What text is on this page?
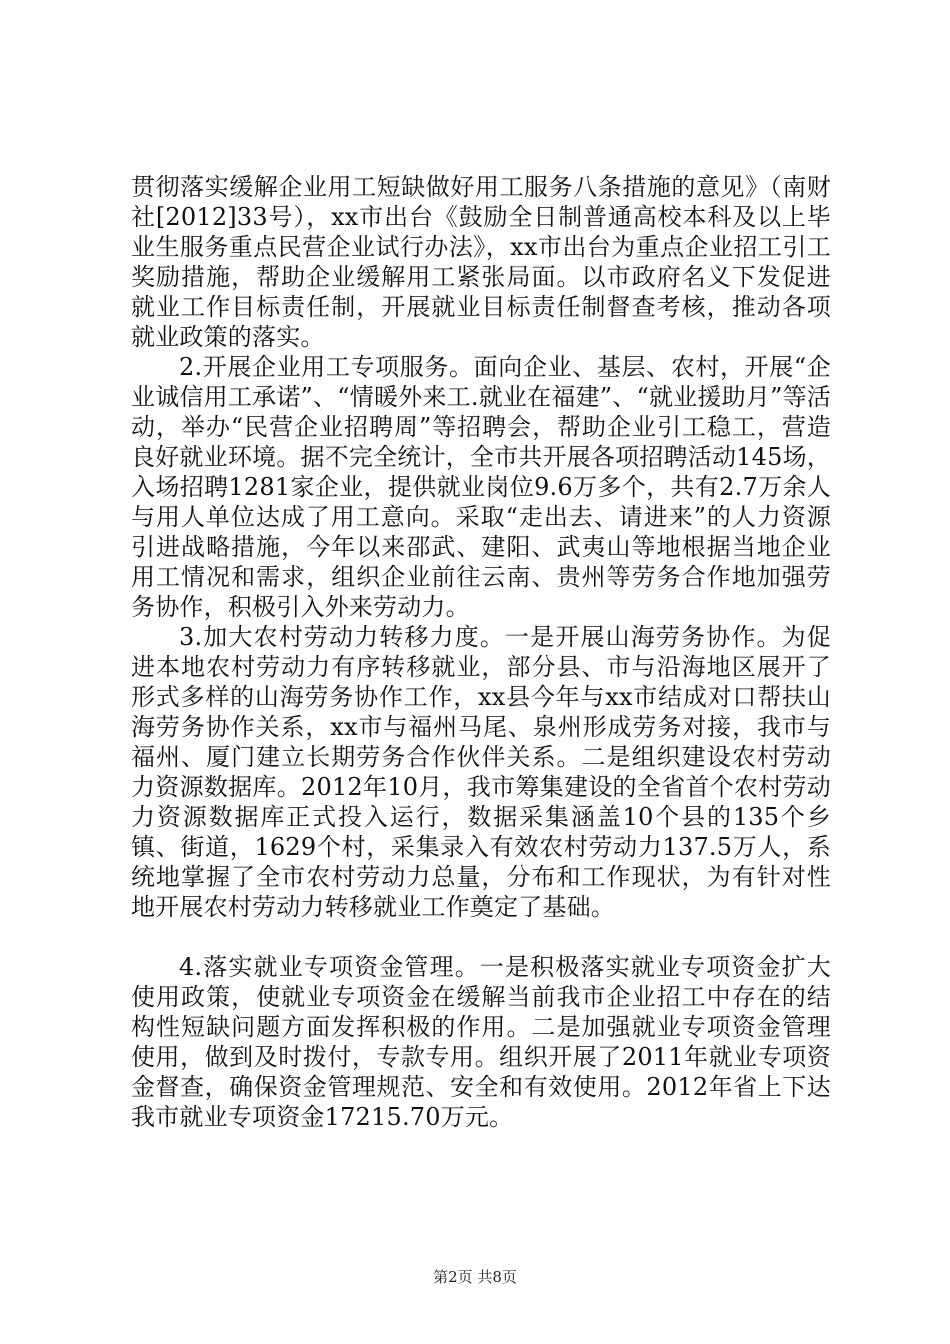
贯彻落实缓解企业用工短缺做好用工服务八条措施的意见》（南财社[2012]33号），xx市出台《鼓励全日制普通高校本科及以上毕业生服务重点民营企业试行办法》，xx市出台为重点企业招工引工奖励措施，帮助企业缓解用工紧张局面。以市政府名义下发促进就业工作目标责任制，开展就业目标责任制督查考核，推动各项就业政策的落实。

2.开展企业用工专项服务。面向企业、基层、农村，开展“企业诚信用工承诺”、“情暖外来工.就业在福建”、“就业援助月”等活动，举办“民营企业招聘周”等招聘会，帮助企业引工稳工，营造良好就业环境。据不完全统计，全市共开展各项招聘活动145场，入场招聘1281家企业，提供就业岗位9.6万多个，共有2.7万余人与用人单位达成了用工意向。采取“走出去、请进来”的人力资源引进战略措施，今年以来邵武、建阳、武夷山等地根据当地企业用工情况和需求，组织企业前往云南、贵州等劳务合作地加强劳务协作，积极引入外来劳动力。

3.加大农村劳动力转移力度。一是开展山海劳务协作。为促进本地农村劳动力有序转移就业，部分县、市与沿海地区展开了形式多样的山海劳务协作工作，xx县今年与xx市结成对口帮扶山海劳务协作关系，xx市与福州马尾、泉州形成劳务对接，我市与福州、厦门建立长期劳务合作伙伴关系。二是组织建设农村劳动力资源数据库。2012年10月，我市筹集建设的全省首个农村劳动力资源数据库正式投入运行，数据采集涵盖10个县的135个乡镇、街道，1629个村，采集录入有效农村劳动力137.5万人，系统地掌握了全市农村劳动力总量，分布和工作现状，为有针对性地开展农村劳动力转移就业工作奠定了基础。

4.落实就业专项资金管理。一是积极落实就业专项资金扩大使用政策，使就业专项资金在缓解当前我市企业招工中存在的结构性短缺问题方面发挥积极的作用。二是加强就业专项资金管理使用，做到及时拨付，专款专用。组织开展了2011年就业专项资金督查，确保资金管理规范、安全和有效使用。2012年省上下达我市就业专项资金17215.70万元。

第2页 共8页
